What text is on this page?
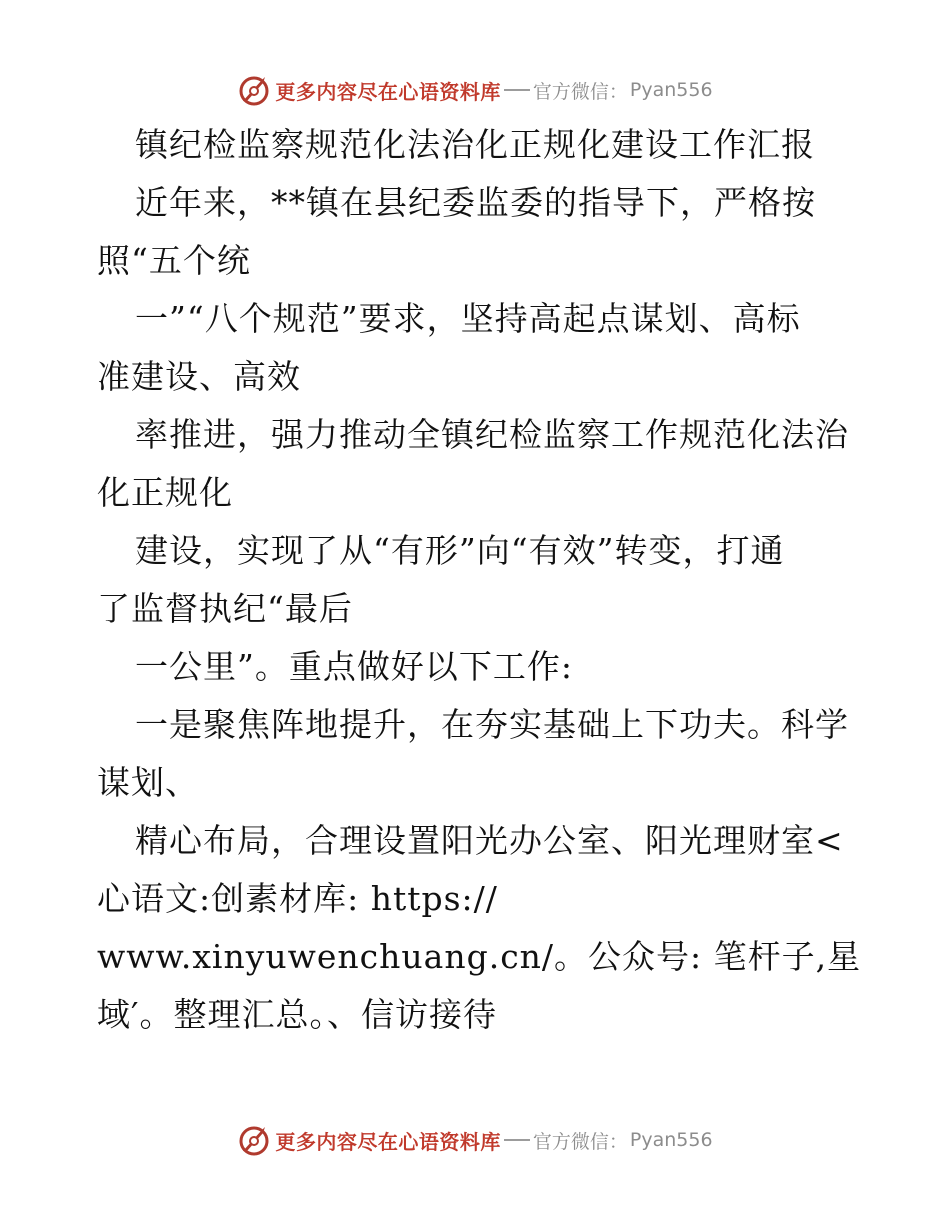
更多内容尽在心语资料库 官方微信： Pyan556
镇纪检监察规范化法治化正规化建设工作汇报
近年来，**镇在县纪委监委的指导下，严格按
照“五个统
一”“八个规范”要求，坚持高起点谋划、高标
准建设、高效
率推进，强力推动全镇纪检监察工作规范化法治
化正规化
建设，实现了从“有形”向“有效”转变，打通
了监督执纪“最后
一公里”。重点做好以下工作:
一是聚焦阵地提升，在夯实基础上下功夫。科学
谋划、
精心布局，合理设置阳光办公室、阳光理财室<
心语文:创素材库: https://
www.xinyuwenchuang.cn/。公众号: 笔杆子,星
域′。整理汇总。、信访接待
更多内容尽在心语资料库 官方微信： Pyan556
